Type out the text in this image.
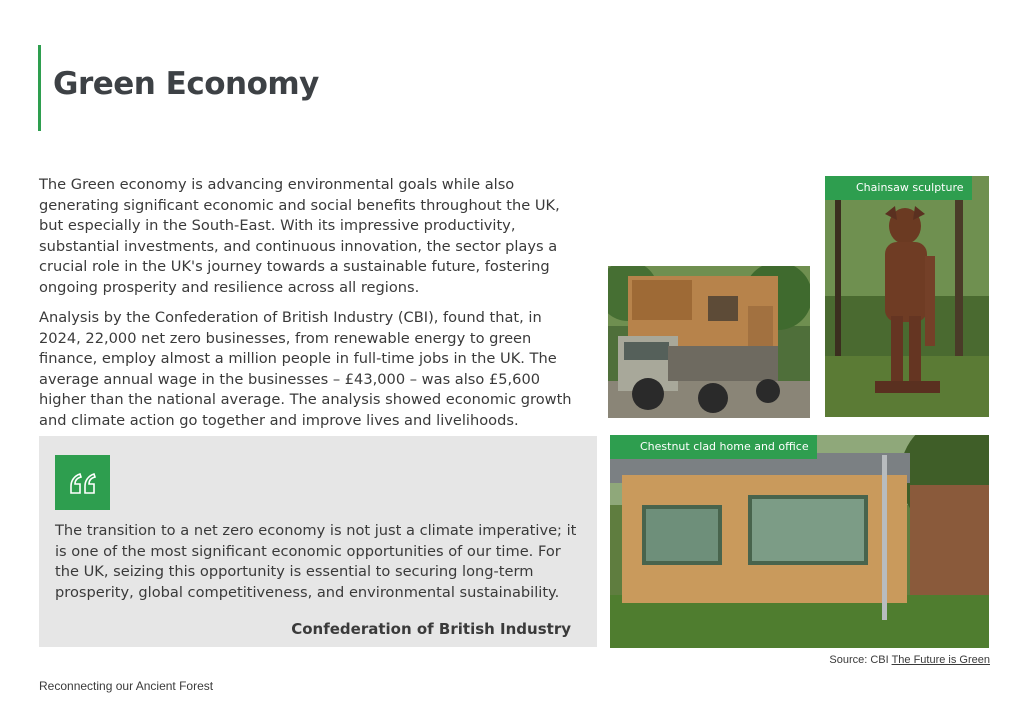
Green Economy

The Green economy is advancing environmental goals while also generating significant economic and social benefits throughout the UK, but especially in the South-East. With its impressive productivity, substantial investments, and continuous innovation, the sector plays a crucial role in the UK's journey towards a sustainable future, fostering ongoing prosperity and resilience across all regions.

Analysis by the Confederation of British Industry (CBI), found that, in 2024, 22,000 net zero businesses, from renewable energy to green finance, employ almost a million people in full-time jobs in the UK. The average annual wage in the businesses – £43,000 – was also £5,600 higher than the national average. The analysis showed economic growth and climate action go together and improve lives and livelihoods.

The transition to a net zero economy is not just a climate imperative; it is one of the most significant economic opportunities of our time. For the UK, seizing this opportunity is essential to securing long-term prosperity, global competitiveness, and environmental sustainability.

Confederation of British Industry
Chainsaw sculpture
Chestnut clad home and office
Source: CBI The Future is Green
Reconnecting our Ancient Forest
